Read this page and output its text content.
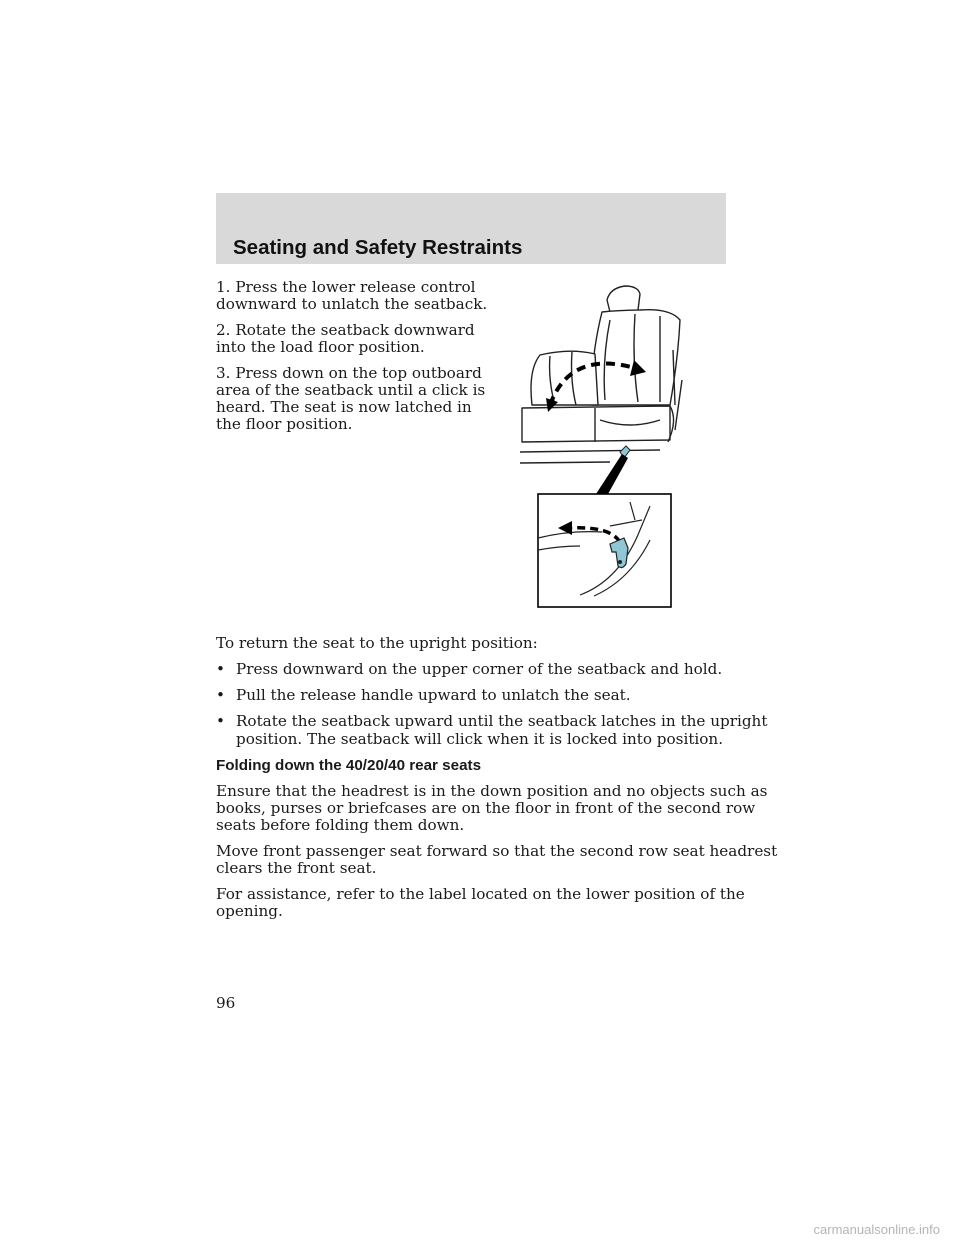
Seating and Safety Restraints

1. Press the lower release control

downward to unlatch the seatback.

2. Rotate the seatback downward

into the load floor position.

3. Press down on the top outboard

area of the seatback until a click is

heard. The seat is now latched in

the floor position.

To return the seat to the upright position:

• Press downward on the upper corner of the seatback and hold.
• Pull the release handle upward to unlatch the seat.
• Rotate the seatback upward until the seatback latches in the upright
position. The seatback will click when it is locked into position.
Folding down the 40/20/40 rear seats

Ensure that the headrest is in the down position and no objects such as

books, purses or briefcases are on the floor in front of the second row

seats before folding them down.

Move front passenger seat forward so that the second row seat headrest

clears the front seat.

For assistance, refer to the label located on the lower position of the

opening.

96

carmanualsonline.info
